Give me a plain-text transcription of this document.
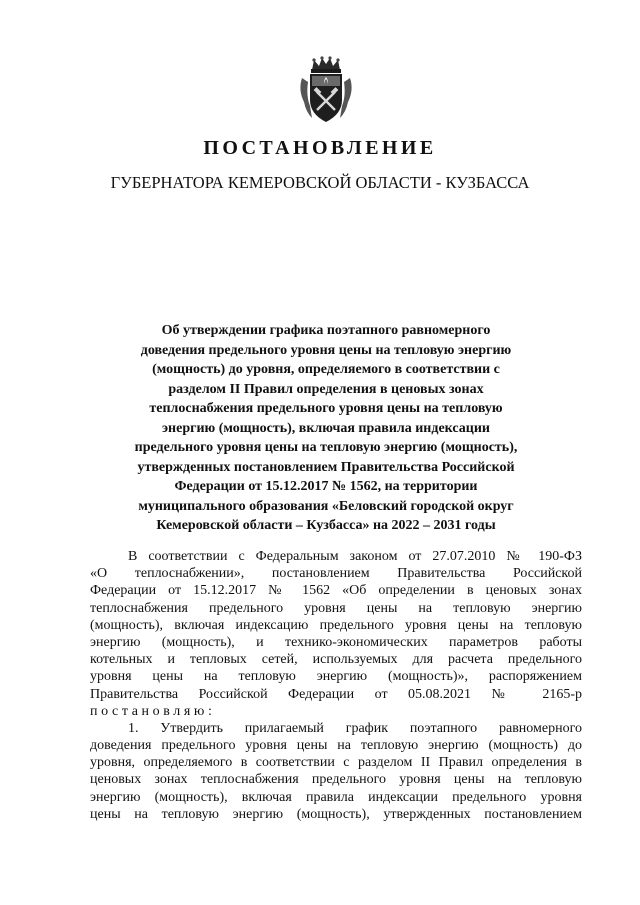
ПОСТАНОВЛЕНИЕ
ГУБЕРНАТОРА КЕМЕРОВСКОЙ ОБЛАСТИ - КУЗБАССА
Об утверждении графика поэтапного равномерного
доведения предельного уровня цены на тепловую энергию
(мощность) до уровня, определяемого в соответствии с
разделом II Правил определения в ценовых зонах
теплоснабжения предельного уровня цены на тепловую
энергию (мощность), включая правила индексации
предельного уровня цены на тепловую энергию (мощность),
утвержденных постановлением Правительства Российской
Федерации от 15.12.2017 № 1562, на территории
муниципального образования «Беловский городской округ
Кемеровской области – Кузбасса» на 2022 – 2031 годы
В соответствии с Федеральным законом от 27.07.2010 № 190-ФЗ
«О теплоснабжении», постановлением Правительства Российской
Федерации от 15.12.2017 № 1562 «Об определении в ценовых зонах
теплоснабжения предельного уровня цены на тепловую энергию
(мощность), включая индексацию предельного уровня цены на тепловую
энергию (мощность), и технико-экономических параметров работы
котельных и тепловых сетей, используемых для расчета предельного
уровня цены на тепловую энергию (мощность)», распоряжением
Правительства Российской Федерации от 05.08.2021 № 2165-р
постановляю:
1. Утвердить прилагаемый график поэтапного равномерного
доведения предельного уровня цены на тепловую энергию (мощность) до
уровня, определяемого в соответствии с разделом II Правил определения в
ценовых зонах теплоснабжения предельного уровня цены на тепловую
энергию (мощность), включая правила индексации предельного уровня
цены на тепловую энергию (мощность), утвержденных постановлением
